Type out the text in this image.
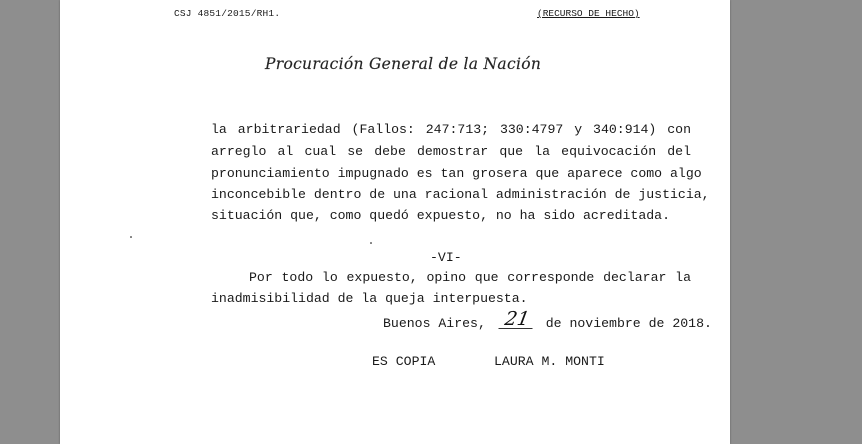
CSJ 4851/2015/RH1.	(RECURSO DE HECHO)
Procuración General de la Nación
la arbitrariedad (Fallos: 247:713; 330:4797 y 340:914) con
arreglo al cual se debe demostrar que la equivocación del
pronunciamiento impugnado es tan grosera que aparece como algo
inconcebible dentro de una racional administración de justicia,
situación que, como quedó expuesto, no ha sido acreditada.
-VI-
Por todo lo expuesto, opino que corresponde declarar la
inadmisibilidad de la queja interpuesta.
Buenos Aires, 21 de noviembre de 2018.
ES COPIA	LAURA M. MONTI
